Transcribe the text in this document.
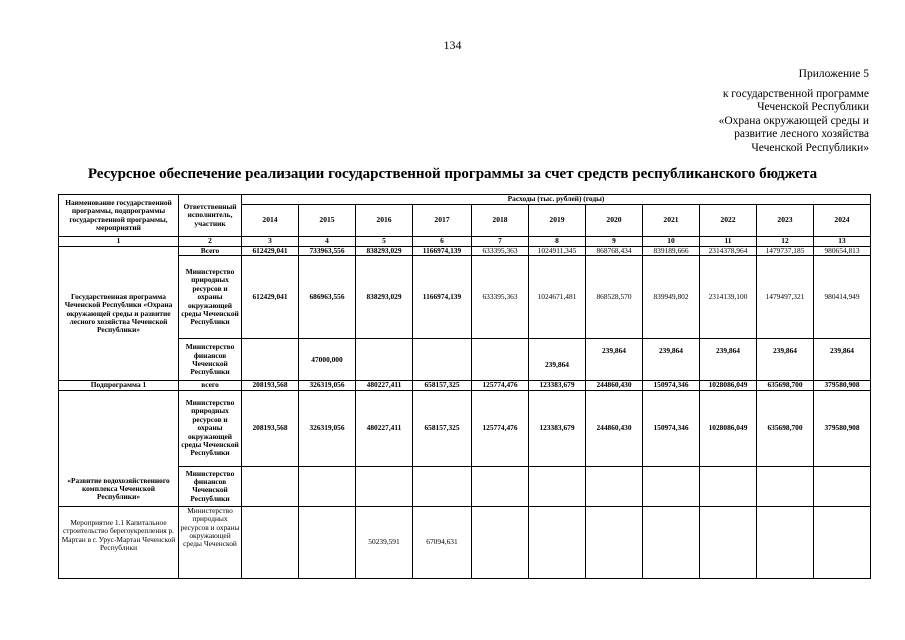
134
Приложение 5
к государственной программе
Чеченской Республики
«Охрана окружающей среды и
развитие лесного хозяйства
Чеченской Республики»
Ресурсное обеспечение реализации государственной программы за счет средств республиканского бюджета
Наименование государственной программы, подпрограммы государственной программы, мероприятий	Ответственный исполнитель, участник	Расходы (тыс. рублей) (годы)										
		2014	2015	2016	2017	2018	2019	2020	2021	2022	2023	2024
1	2	3	4	5	6	7	8	9	10	11	12	13
Государственная программа Чеченской Республики «Охрана окружающей среды и развитие лесного хозяйства Чеченской Республики»	Всего	612429,041	733963,556	838293,029	1166974,139	633395,363	1024911,345	868768,434	839189,666	2314378,964	1479737,185	980654,813
	Министерство природных ресурсов и охраны окружающей среды Чеченской Республики	612429,041	686963,556	838293,029	1166974,139	633395,363	1024671,481	868528,570	839949,802	2314139,100	1479497,321	980414,949
	Министерство финансов Чеченской Республики		47000,000				239,864	239,864	239,864	239,864	239,864	239,864
Подпрограмма 1	всего	208193,568	326319,056	480227,411	658157,325	125774,476	123383,679	244860,430	150974,346	1028086,049	635698,700	379580,908
«Развитие водохозяйственного комплекса Чеченской Республики»	Министерство природных ресурсов и охраны окружающей среды Чеченской Республики	208193,568	326319,056	480227,411	658157,325	125774,476	123383,679	244860,430	150974,346	1028086,049	635698,700	379580,908
	Министерство финансов Чеченской Республики											
Мероприятие 1.1 Капитальное строительство берегоукрепления р. Мартан в г. Урус-Мартан Чеченской Республики	Министерство природных ресурсов и охраны окружающей среды Чеченской			50239,591	67094,631							
